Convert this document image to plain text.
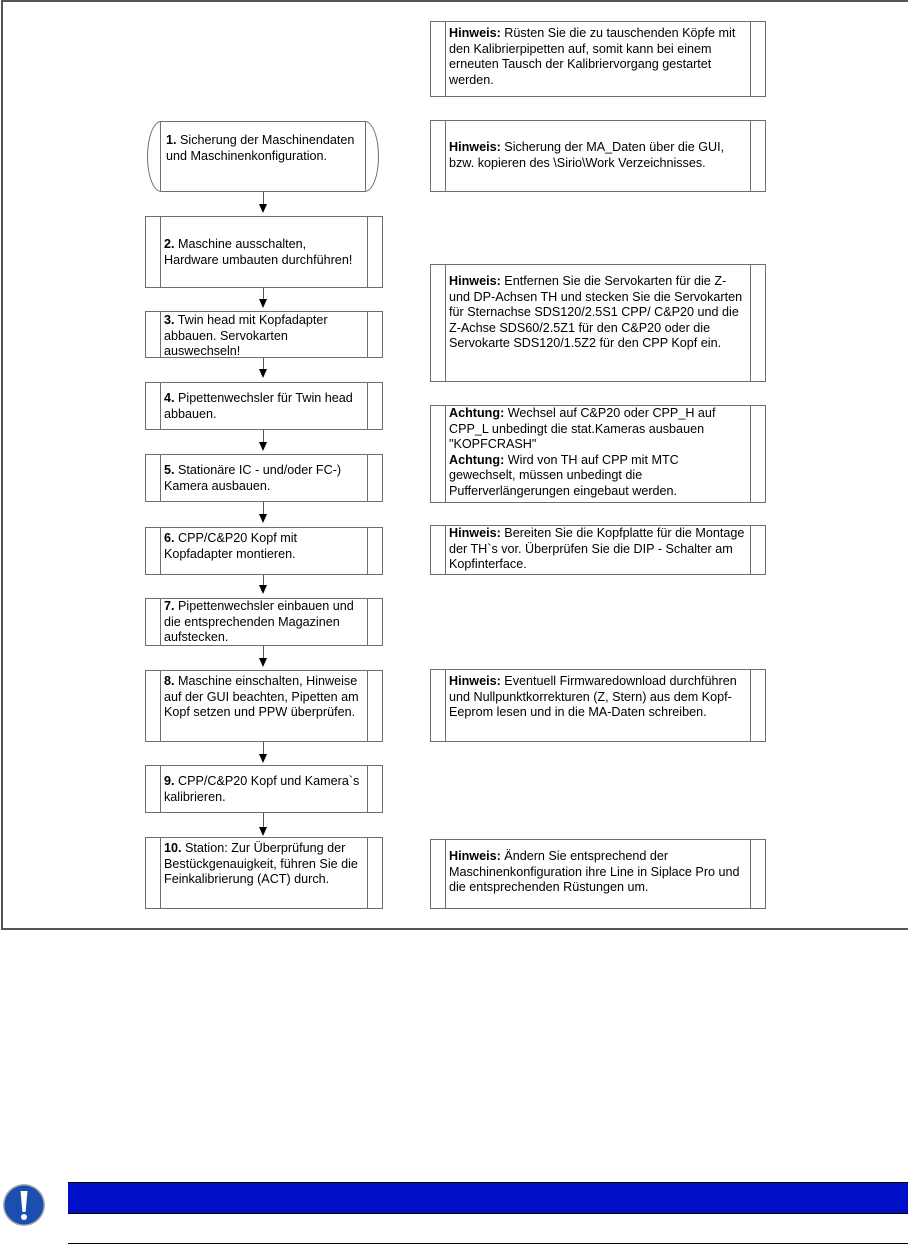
Hinweis: Rüsten Sie die zu tauschenden Köpfe mit den Kalibrierpipetten auf, somit kann bei einem erneuten Tausch der Kalibriervorgang gestartet werden.
Hinweis: Sicherung der MA_Daten über die GUI, bzw. kopieren des \Sirio\Work Verzeichnisses.
Hinweis: Entfernen Sie die Servokarten für die Z- und DP-Achsen TH und stecken Sie die Servokarten für Sternachse SDS120/2.5S1 CPP/ C&P20 und die Z-Achse SDS60/2.5Z1 für den C&P20 oder die Servokarte SDS120/1.5Z2 für den CPP Kopf ein.
Achtung: Wechsel auf C&P20 oder CPP_H auf CPP_L unbedingt die stat.Kameras ausbauen "KOPFCRASH"
Achtung: Wird von TH auf CPP mit MTC gewechselt, müssen unbedingt die Pufferverlängerungen eingebaut werden.
Hinweis: Bereiten Sie die Kopfplatte für die Montage der TH`s vor. Überprüfen Sie die DIP - Schalter am Kopfinterface.
Hinweis: Eventuell Firmwaredownload durchführen und Nullpunktkorrekturen (Z, Stern) aus dem Kopf-Eeprom lesen und in die MA-Daten schreiben.
Hinweis: Ändern Sie entsprechend der Maschinenkonfiguration ihre Line in Siplace Pro und die entsprechenden Rüstungen um.
1. Sicherung der Maschinendaten und Maschinenkonfiguration.
2. Maschine ausschalten, Hardware umbauten durchführen!
3. Twin head mit Kopfadapter abbauen. Servokarten auswechseln!
4. Pipettenwechsler für Twin head abbauen.
5. Stationäre IC - und/oder FC-) Kamera ausbauen.
6. CPP/C&P20 Kopf mit Kopfadapter montieren.
7. Pipettenwechsler einbauen und die entsprechenden Magazinen aufstecken.
8. Maschine einschalten, Hinweise auf der GUI beachten, Pipetten am Kopf setzen und PPW überprüfen.
9. CPP/C&P20 Kopf und Kamera`s kalibrieren.
10. Station: Zur Überprüfung der Bestückgenauigkeit, führen Sie die Feinkalibrierung (ACT) durch.
